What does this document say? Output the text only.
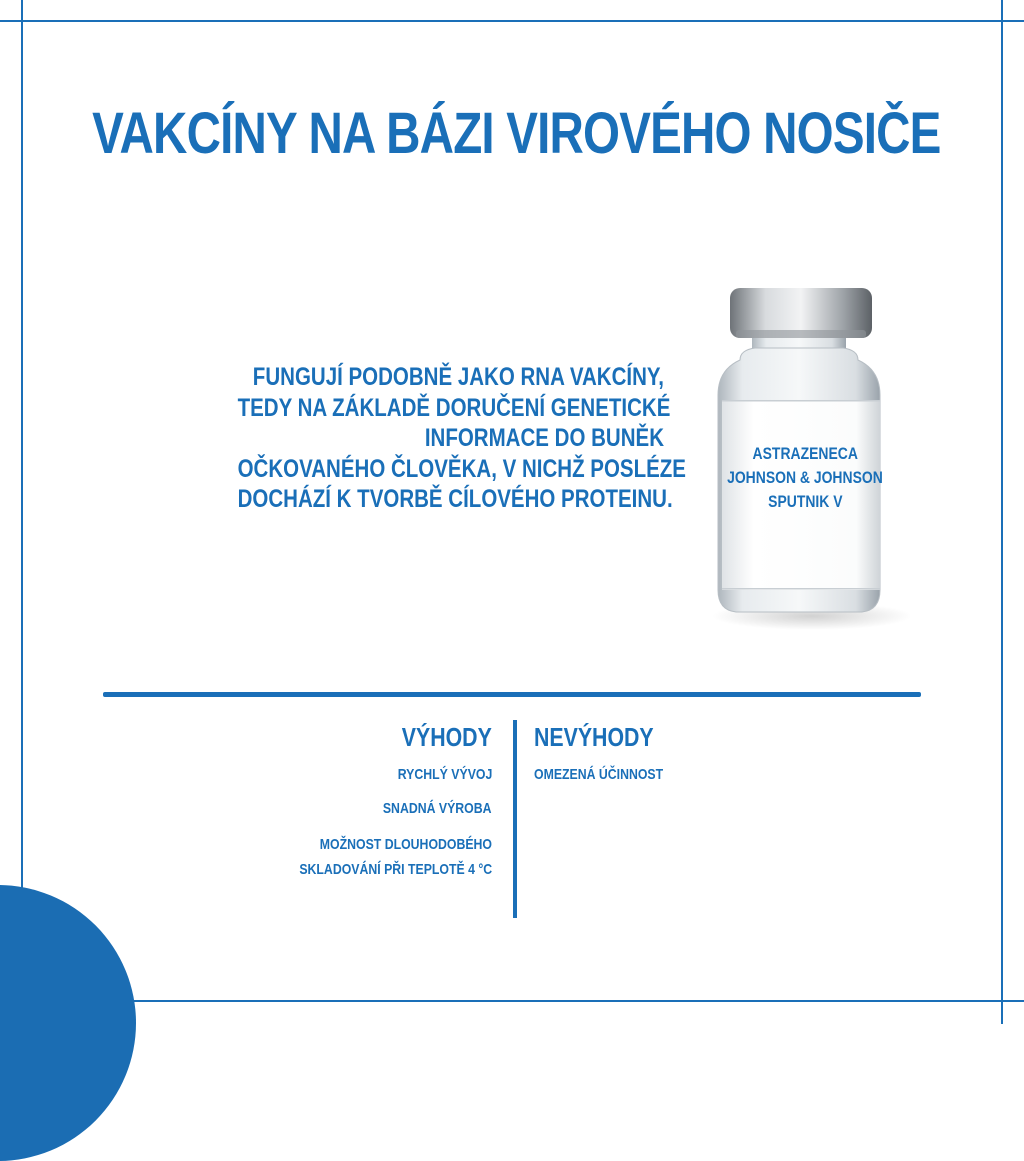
VAKCÍNY NA BÁZI VIROVÉHO NOSIČE
FUNGUJÍ PODOBNĚ JAKO RNA VAKCÍNY,
TEDY NA ZÁKLADĚ DORUČENÍ GENETICKÉ
INFORMACE DO BUNĚK
OČKOVANÉHO ČLOVĚKA, V NICHŽ POSLÉZE
DOCHÁZÍ K TVORBĚ CÍLOVÉHO PROTEINU.
ASTRAZENECA
JOHNSON & JOHNSON
SPUTNIK V
VÝHODY
RYCHLÝ VÝVOJ
SNADNÁ VÝROBA
MOŽNOST DLOUHODOBÉHO
SKLADOVÁNÍ PŘI TEPLOTĚ 4 °C
NEVÝHODY
OMEZENÁ ÚČINNOST
